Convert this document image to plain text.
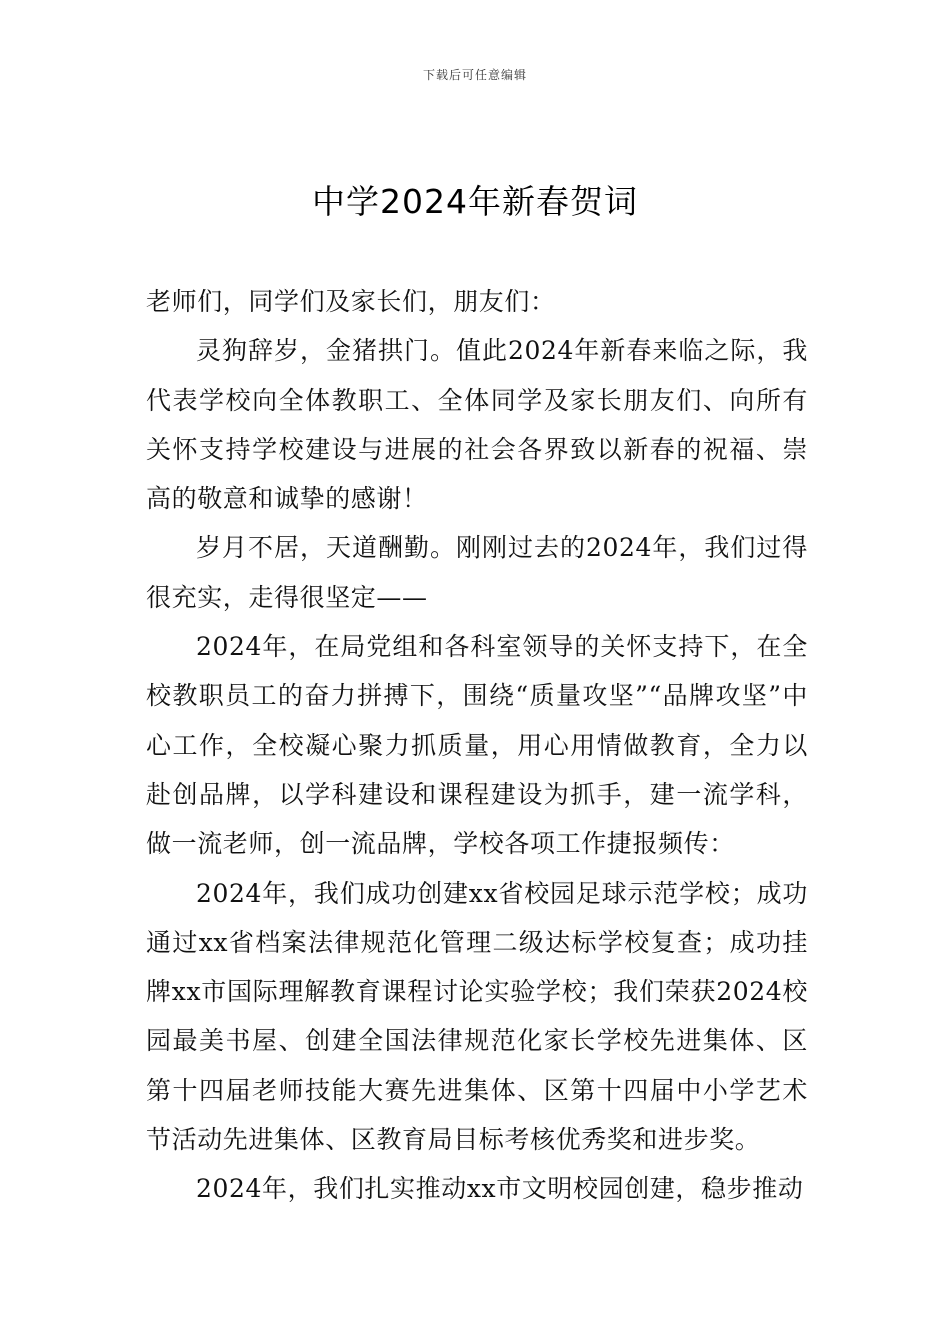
下载后可任意编辑
中学2024年新春贺词

老师们，同学们及家长们，朋友们：

灵狗辞岁，金猪拱门。值此2024年新春来临之际，我代表学校向全体教职工、全体同学及家长朋友们、向所有关怀支持学校建设与进展的社会各界致以新春的祝福、崇高的敬意和诚挚的感谢！

岁月不居，天道酬勤。刚刚过去的2024年，我们过得很充实，走得很坚定——

2024年，在局党组和各科室领导的关怀支持下，在全校教职员工的奋力拼搏下，围绕“质量攻坚”“品牌攻坚”中心工作，全校凝心聚力抓质量，用心用情做教育，全力以赴创品牌，以学科建设和课程建设为抓手，建一流学科，做一流老师，创一流品牌，学校各项工作捷报频传：

2024年，我们成功创建xx省校园足球示范学校；成功通过xx省档案法律规范化管理二级达标学校复查；成功挂牌xx市国际理解教育课程讨论实验学校；我们荣获2024校园最美书屋、创建全国法律规范化家长学校先进集体、区第十四届老师技能大赛先进集体、区第十四届中小学艺术节活动先进集体、区教育局目标考核优秀奖和进步奖。

2024年，我们扎实推动xx市文明校园创建，稳步推动
